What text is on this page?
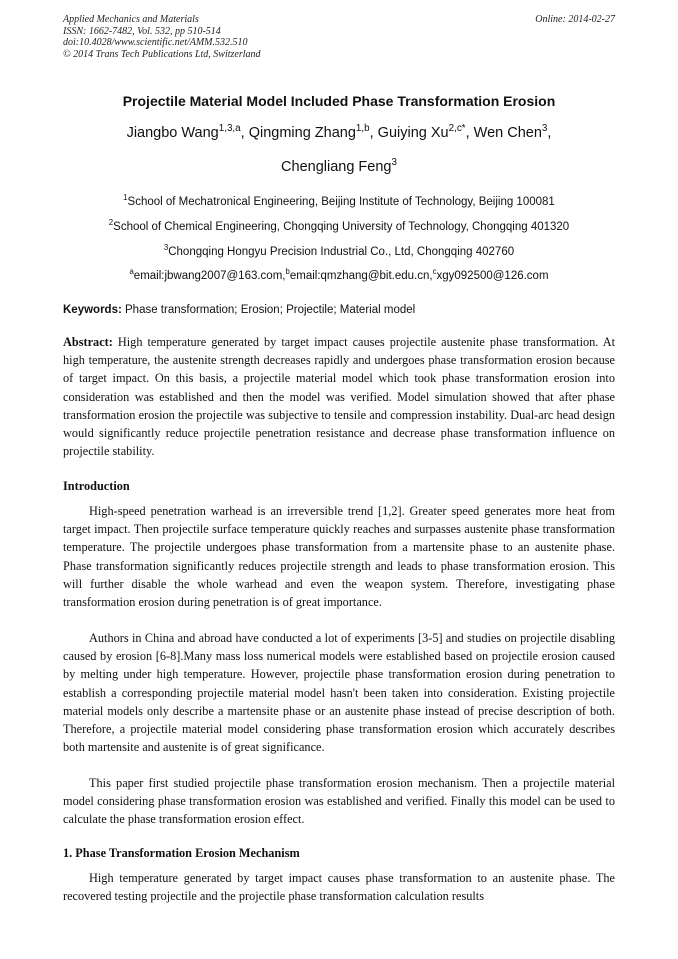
Applied Mechanics and Materials
ISSN: 1662-7482, Vol. 532, pp 510-514
doi:10.4028/www.scientific.net/AMM.532.510
© 2014 Trans Tech Publications Ltd, Switzerland
Online: 2014-02-27
Projectile Material Model Included Phase Transformation Erosion
Jiangbo Wang$^{1,3,a}$, Qingming Zhang$^{1,b}$, Guiying $Xu^{2,c*}$, Wen Chen$^3$,
Chengliang Feng$^3$
$^1$School of Mechatronical Engineering, Beijing Institute of Technology, Beijing 100081
$^2$School of Chemical Engineering, Chongqing University of Technology, Chongqing 401320
$^3$Chongqing Hongyu Precision Industrial Co., Ltd, Chongqing 402760
$^a$email:jbwang2007@163.com,$^b$email:qmzhang@bit.edu.cn,$^c$xgy092500@126.com
Keywords: Phase transformation; Erosion; Projectile; Material model

Abstract: High temperature generated by target impact causes projectile austenite phase transformation. At high temperature, the austenite strength decreases rapidly and undergoes phase transformation erosion because of target impact. On this basis, a projectile material model which took phase transformation erosion into consideration was established and then the model was verified. Model simulation showed that after phase transformation erosion the projectile was subjective to tensile and compression instability. Dual-arc head design would significantly reduce projectile penetration resistance and decrease phase transformation influence on projectile stability.

Introduction

High-speed penetration warhead is an irreversible trend [1,2]. Greater speed generates more heat from target impact. Then projectile surface temperature quickly reaches and surpasses austenite phase transformation temperature. The projectile undergoes phase transformation from a martensite phase to an austenite phase. Phase transformation significantly reduces projectile strength and leads to phase transformation erosion. This will further disable the whole warhead and even the weapon system. Therefore, investigating phase transformation erosion during penetration is of great importance.

Authors in China and abroad have conducted a lot of experiments [3-5] and studies on projectile disabling caused by erosion [6-8].Many mass loss numerical models were established based on projectile erosion caused by melting under high temperature. However, projectile phase transformation erosion during penetration to establish a corresponding projectile material model hasn't been taken into consideration. Existing projectile material models only describe a martensite phase or an austenite phase instead of precise description of both. Therefore, a projectile material model considering phase transformation erosion which accurately describes both martensite and austenite is of great significance.

This paper first studied projectile phase transformation erosion mechanism. Then a projectile material model considering phase transformation erosion was established and verified. Finally this model can be used to calculate the phase transformation erosion effect.

1. Phase Transformation Erosion Mechanism

High temperature generated by target impact causes phase transformation to an austenite phase. The recovered testing projectile and the projectile phase transformation calculation results
